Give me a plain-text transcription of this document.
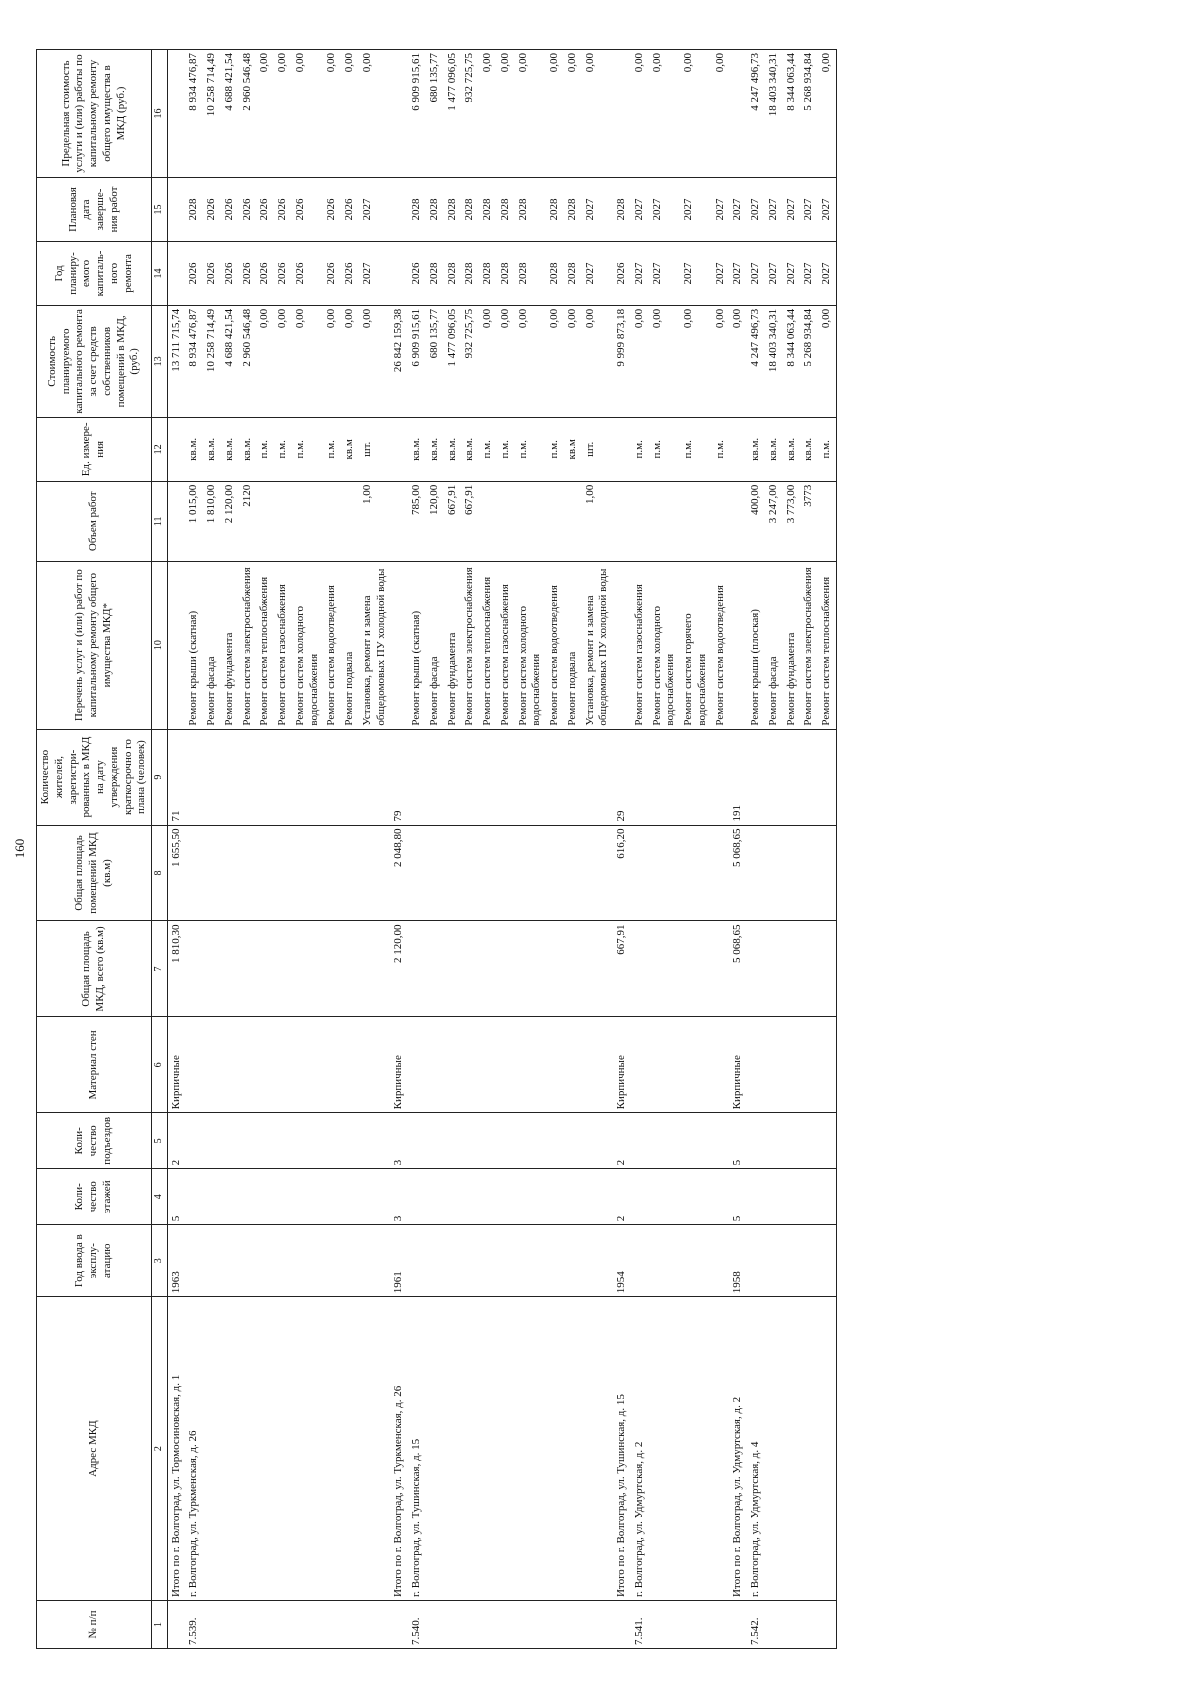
160
№ п/п	Адрес МКД	Год ввода в эксплу-атацию	Коли-чество этажей	Коли-чество подъездов	Материал стен	Общая площадь МКД, всего (кв.м)	Общая площадь помещений МКД (кв.м)	Количество жителей, зарегистри-рованных в МКД на дату утверждения краткосрочно го плана (человек)	Перечень услуг и (или) работ по капитальному ремонту общего имущества МКД*	Объем работ	Ед. измере-ния	Стоимость планируемого капитального ремонта за счет средств собственников помещений в МКД, (руб.)	Год планиру-емого капиталь-ного ремонта	Плановая дата заверше-ния работ	Предельная стоимость услуги и (или) работы по капитальному ремонту общего имущества в МКД (руб.)
1	2	3	4	5	6	7	8	9	10	11	12	13	14	15	16
	Итого по г. Волгоград, ул. Тормосиновская, д. 1	1963	5	2	Кирпичные	1 810,30	1 655,50	71				13 711 715,74			
7.539.	г. Волгоград, ул. Туркменская, д. 26								Ремонт крыши (скатная)	1 015,00	кв.м.	8 934 476,87	2026	2028	8 934 476,87
									Ремонт фасада	1 810,00	кв.м.	10 258 714,49	2026	2026	10 258 714,49
									Ремонт фундамента	2 120,00	кв.м.	4 688 421,54	2026	2026	4 688 421,54
									Ремонт систем электроснабжения	2120	кв.м.	2 960 546,48	2026	2026	2 960 546,48
									Ремонт систем теплоснабжения		п.м.	0,00	2026	2026	0,00
									Ремонт систем газоснабжения		п.м.	0,00	2026	2026	0,00
									Ремонт систем холодного водоснабжения		п.м.	0,00	2026	2026	0,00
									Ремонт систем водоотведения		п.м.	0,00	2026	2026	0,00
									Ремонт подвала		кв.м	0,00	2026	2026	0,00
									Установка, ремонт и замена общедомовых ПУ холодной воды	1,00	шт.	0,00	2027	2027	0,00
	Итого по г. Волгоград, ул. Туркменская, д. 26	1961	3	3	Кирпичные	2 120,00	2 048,80	79				26 842 159,38			
7.540.	г. Волгоград, ул. Тушинская, д. 15								Ремонт крыши (скатная)	785,00	кв.м.	6 909 915,61	2026	2028	6 909 915,61
									Ремонт фасада	120,00	кв.м.	680 135,77	2028	2028	680 135,77
									Ремонт фундамента	667,91	кв.м.	1 477 096,05	2028	2028	1 477 096,05
									Ремонт систем электроснабжения	667,91	кв.м.	932 725,75	2028	2028	932 725,75
									Ремонт систем теплоснабжения		п.м.	0,00	2028	2028	0,00
									Ремонт систем газоснабжения		п.м.	0,00	2028	2028	0,00
									Ремонт систем холодного водоснабжения		п.м.	0,00	2028	2028	0,00
									Ремонт систем водоотведения		п.м.	0,00	2028	2028	0,00
									Ремонт подвала		кв.м	0,00	2028	2028	0,00
									Установка, ремонт и замена общедомовых ПУ холодной воды	1,00	шт.	0,00	2027	2027	0,00
	Итого по г. Волгоград, ул. Тушинская, д. 15	1954	2	2	Кирпичные	667,91	616,20	29				9 999 873,18	2026	2028	
7.541.	г. Волгоград, ул. Удмуртская, д. 2								Ремонт систем газоснабжения		п.м.	0,00	2027	2027	0,00
									Ремонт систем холодного водоснабжения		п.м.	0,00	2027	2027	0,00
									Ремонт систем горячего водоснабжения		п.м.	0,00	2027	2027	0,00
									Ремонт систем водоотведения		п.м.	0,00	2027	2027	0,00
	Итого по г. Волгоград, ул. Удмуртская, д. 2	1958	5	5	Кирпичные	5 068,65	5 068,65	191				0,00	2027	2027	
7.542.	г. Волгоград, ул. Удмуртская, д. 4								Ремонт крыши (плоская)	400,00	кв.м.	4 247 496,73	2027	2027	4 247 496,73
									Ремонт фасада	3 247,00	кв.м.	18 403 340,31	2027	2027	18 403 340,31
									Ремонт фундамента	3 773,00	кв.м.	8 344 063,44	2027	2027	8 344 063,44
									Ремонт систем электроснабжения	3773	кв.м.	5 268 934,84	2027	2027	5 268 934,84
									Ремонт систем теплоснабжения		п.м.	0,00	2027	2027	0,00
